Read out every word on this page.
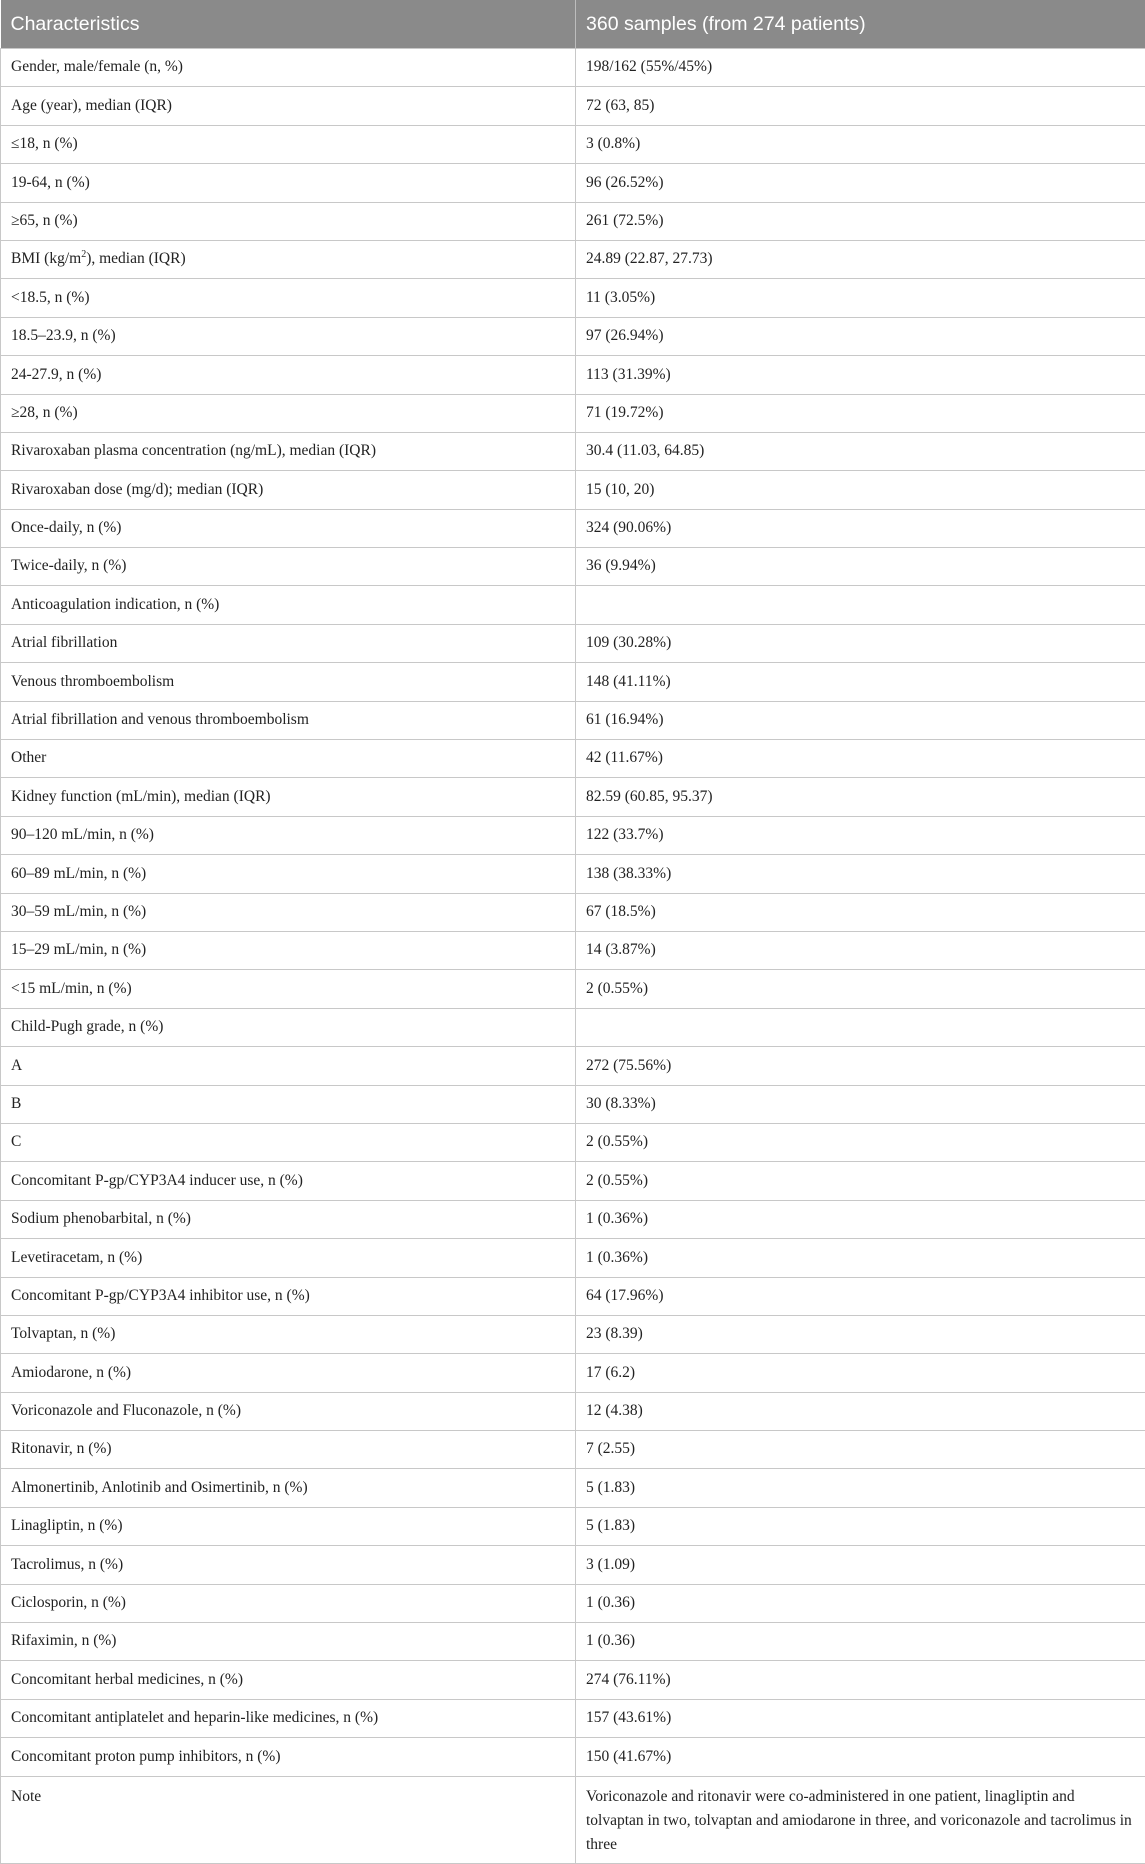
Characteristics	360 samples (from 274 patients)
Gender, male/female (n, %)	198/162 (55%/45%)
Age (year), median (IQR)	72 (63, 85)
≤18, n (%)	3 (0.8%)
19-64, n (%)	96 (26.52%)
≥65, n (%)	261 (72.5%)
BMI $(kg/m^2)$, median (IQR)	24.89 (22.87, 27.73)
<18.5, n (%)	11 (3.05%)
18.5–23.9, n (%)	97 (26.94%)
24-27.9, n (%)	113 (31.39%)
≥28, n (%)	71 (19.72%)
Rivaroxaban plasma concentration (ng/mL), median (IQR)	30.4 (11.03, 64.85)
Rivaroxaban dose (mg/d); median (IQR)	15 (10, 20)
Once-daily, n (%)	324 (90.06%)
Twice-daily, n (%)	36 (9.94%)
Anticoagulation indication, n (%)	
Atrial fibrillation	109 (30.28%)
Venous thromboembolism	148 (41.11%)
Atrial fibrillation and venous thromboembolism	61 (16.94%)
Other	42 (11.67%)
Kidney function (mL/min), median (IQR)	82.59 (60.85, 95.37)
90–120 mL/min, n (%)	122 (33.7%)
60–89 mL/min, n (%)	138 (38.33%)
30–59 mL/min, n (%)	67 (18.5%)
15–29 mL/min, n (%)	14 (3.87%)
<15 mL/min, n (%)	2 (0.55%)
Child-Pugh grade, n (%)	
A	272 (75.56%)
B	30 (8.33%)
C	2 (0.55%)
Concomitant P-gp/CYP3A4 inducer use, n (%)	2 (0.55%)
Sodium phenobarbital, n (%)	1 (0.36%)
Levetiracetam, n (%)	1 (0.36%)
Concomitant P-gp/CYP3A4 inhibitor use, n (%)	64 (17.96%)
Tolvaptan, n (%)	23 (8.39)
Amiodarone, n (%)	17 (6.2)
Voriconazole and Fluconazole, n (%)	12 (4.38)
Ritonavir, n (%)	7 (2.55)
Almonertinib, Anlotinib and Osimertinib, n (%)	5 (1.83)
Linagliptin, n (%)	5 (1.83)
Tacrolimus, n (%)	3 (1.09)
Ciclosporin, n (%)	1 (0.36)
Rifaximin, n (%)	1 (0.36)
Concomitant herbal medicines, n (%)	274 (76.11%)
Concomitant antiplatelet and heparin-like medicines, n (%)	157 (43.61%)
Concomitant proton pump inhibitors, n (%)	150 (41.67%)
Note	Voriconazole and ritonavir were co-administered in one patient, linagliptin and tolvaptan in two, tolvaptan and amiodarone in three, and voriconazole and tacrolimus in three
